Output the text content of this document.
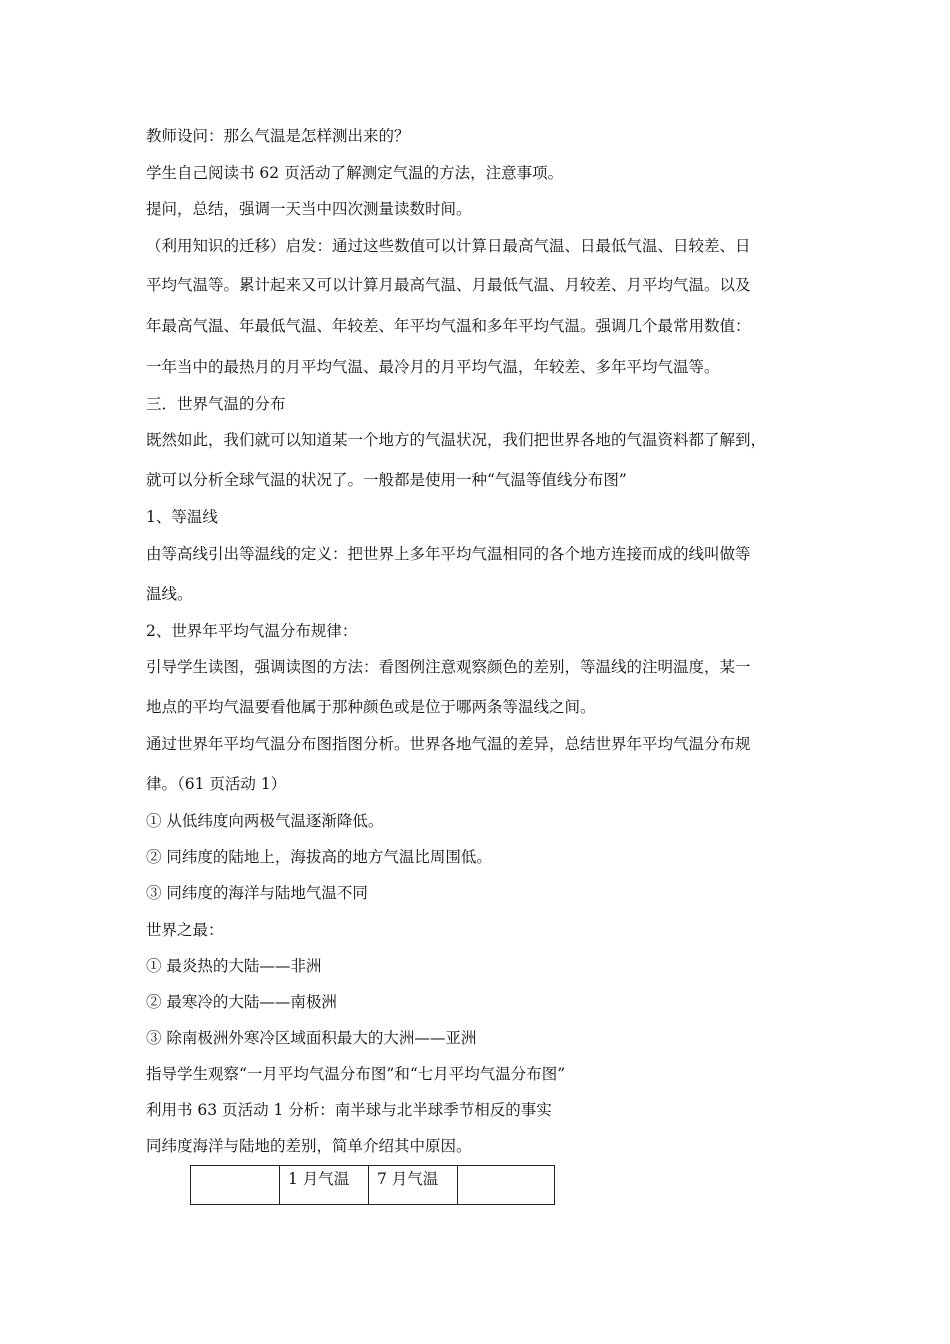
教师设问：那么气温是怎样测出来的？
学生自己阅读书 62 页活动了解测定气温的方法，注意事项。
提问，总结，强调一天当中四次测量读数时间。
（利用知识的迁移）启发：通过这些数值可以计算日最高气温、日最低气温、日较差、日
平均气温等。累计起来又可以计算月最高气温、月最低气温、月较差、月平均气温。以及
年最高气温、年最低气温、年较差、年平均气温和多年平均气温。强调几个最常用数值：
一年当中的最热月的月平均气温、最冷月的月平均气温，年较差、多年平均气温等。
三．世界气温的分布
既然如此，我们就可以知道某一个地方的气温状况，我们把世界各地的气温资料都了解到，
就可以分析全球气温的状况了。一般都是使用一种“气温等值线分布图”
1、等温线
由等高线引出等温线的定义：把世界上多年平均气温相同的各个地方连接而成的线叫做等
温线。
2、世界年平均气温分布规律：
引导学生读图，强调读图的方法：看图例注意观察颜色的差别，等温线的注明温度，某一
地点的平均气温要看他属于那种颜色或是位于哪两条等温线之间。
通过世界年平均气温分布图指图分析。世界各地气温的差异，总结世界年平均气温分布规
律。（61 页活动 1）
① 从低纬度向两极气温逐渐降低。
② 同纬度的陆地上，海拔高的地方气温比周围低。
③ 同纬度的海洋与陆地气温不同
世界之最：
① 最炎热的大陆——非洲
② 最寒冷的大陆——南极洲
③ 除南极洲外寒冷区域面积最大的大洲——亚洲
指导学生观察“一月平均气温分布图”和“七月平均气温分布图”
利用书 63 页活动 1 分析：南半球与北半球季节相反的事实
同纬度海洋与陆地的差别，简单介绍其中原因。
	1 月气温	7 月气温	
